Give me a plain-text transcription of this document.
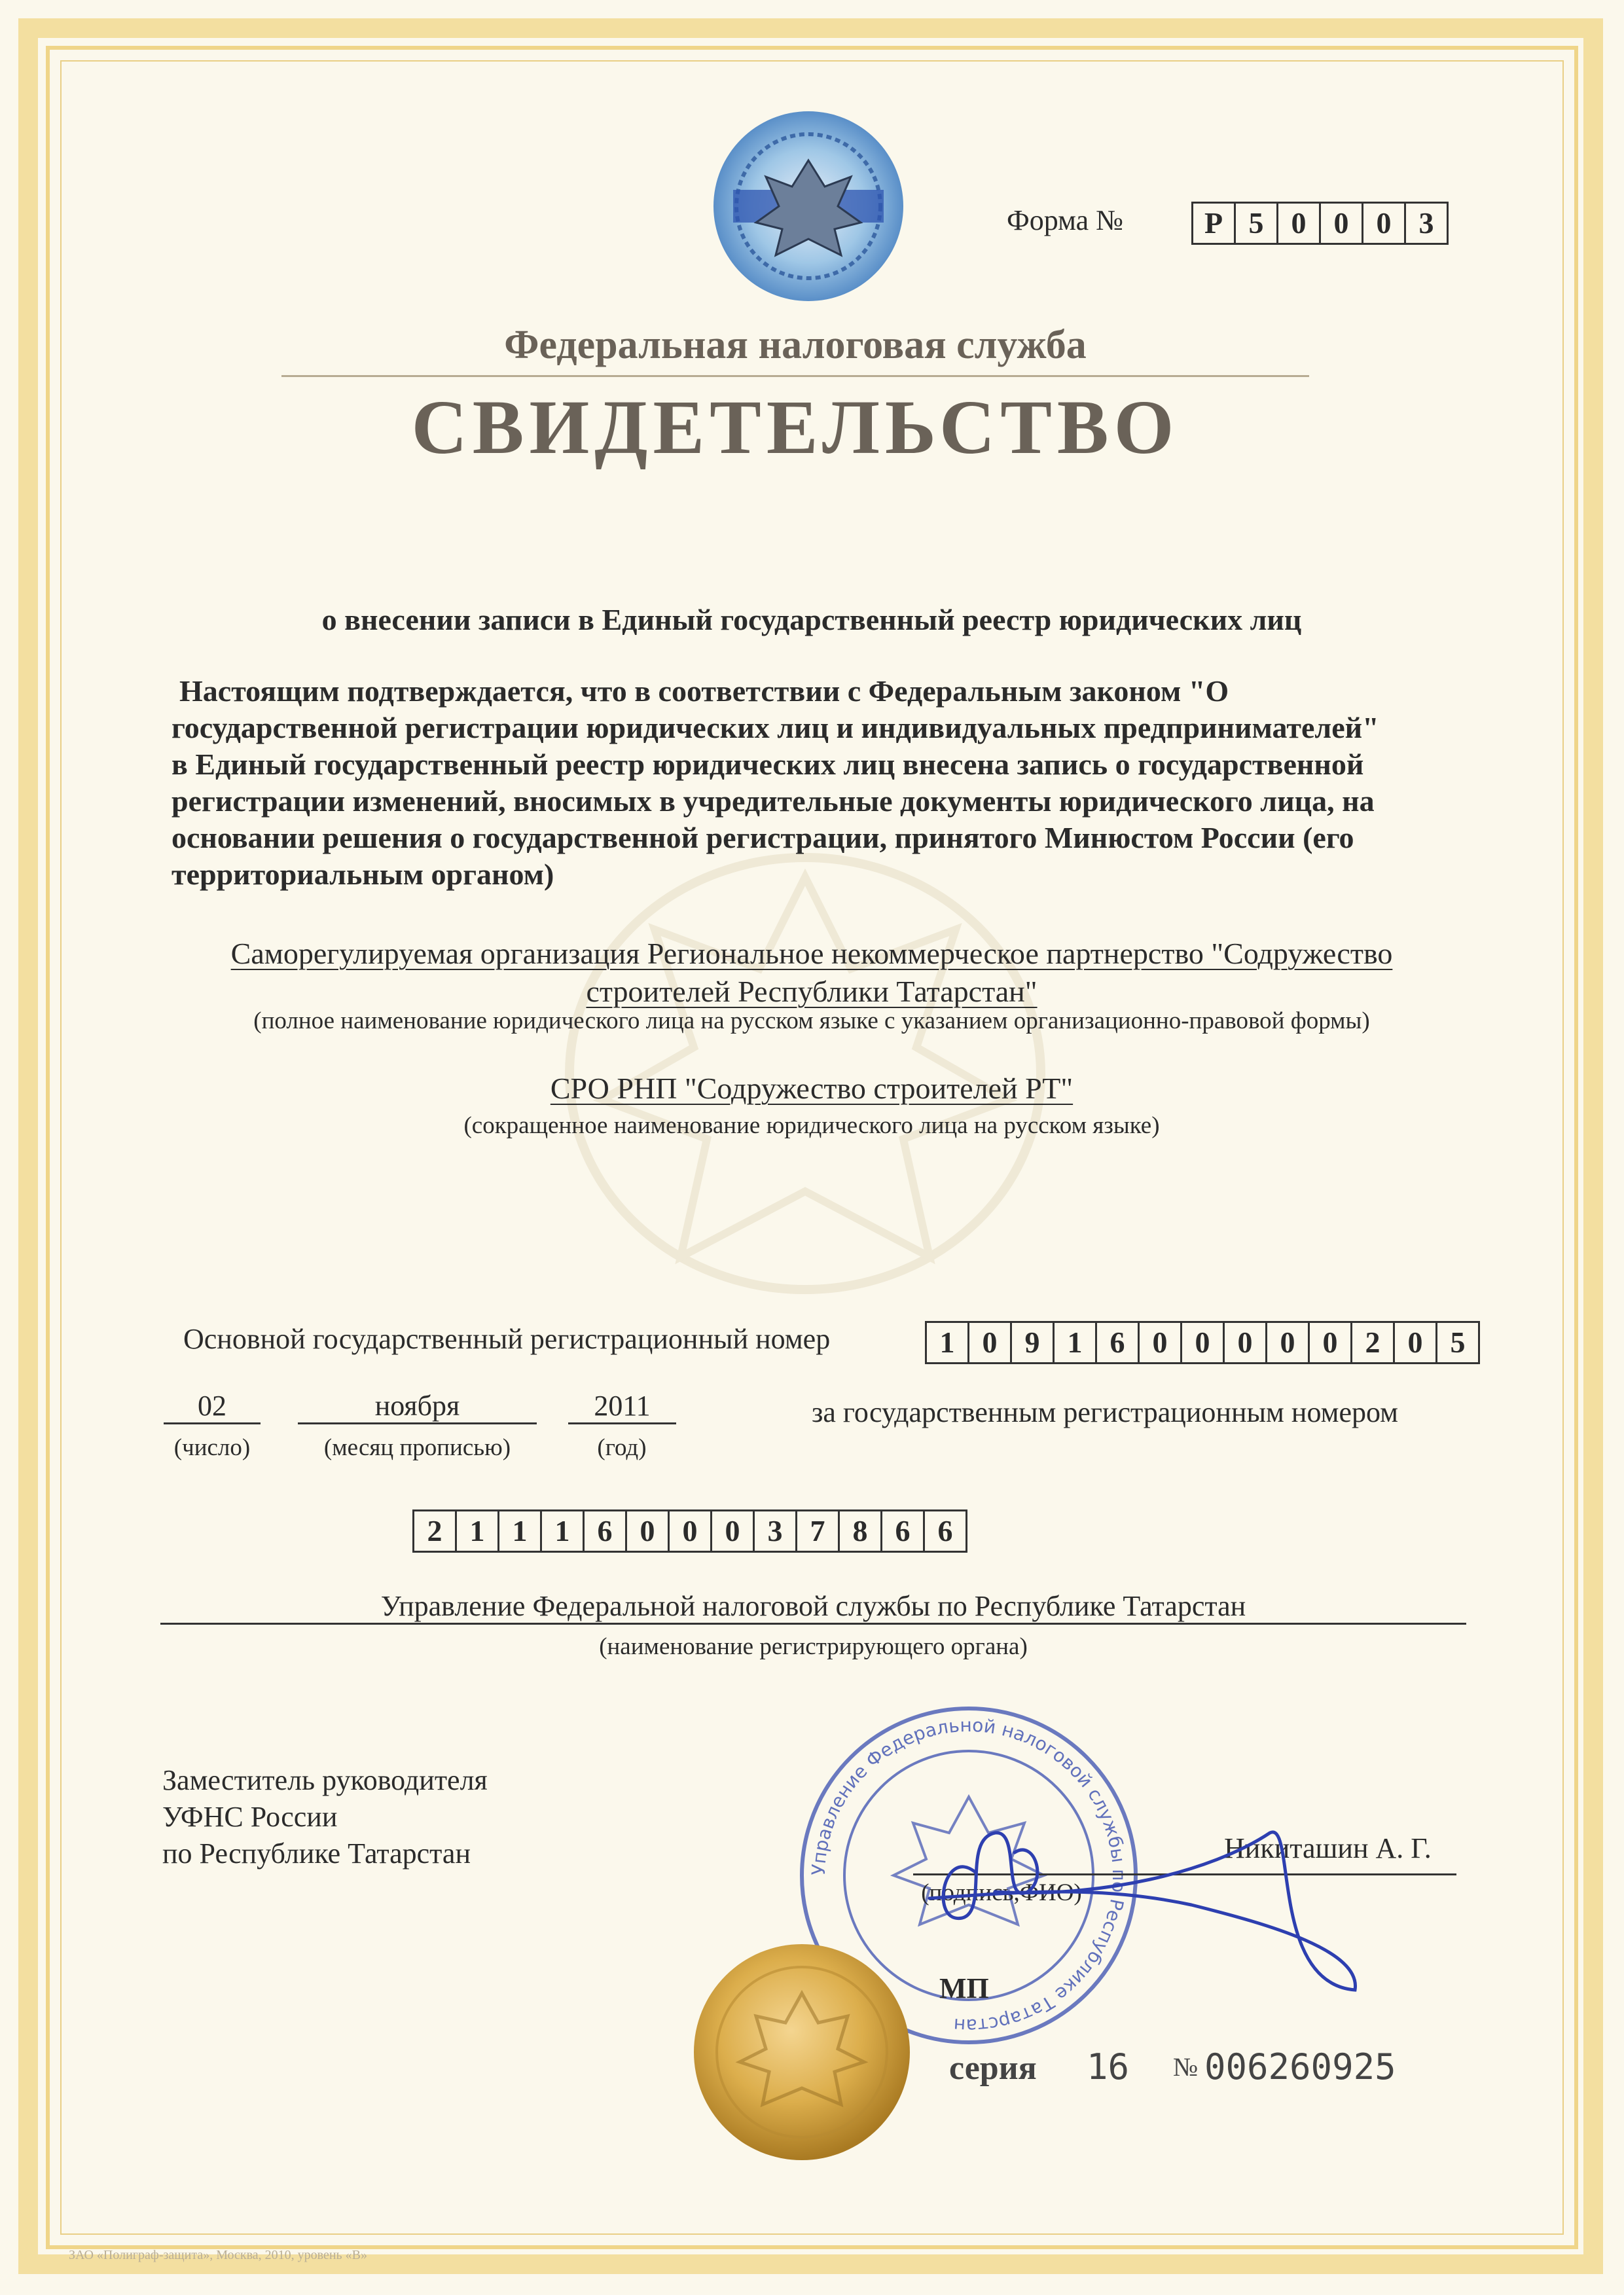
Форма №	Р 5 0 0 0 3
Федеральная налоговая служба
СВИДЕТЕЛЬСТВО
о внесении записи в Единый государственный реестр юридических лиц
Настоящим подтверждается, что в соответствии с Федеральным законом "О
государственной регистрации юридических лиц и индивидуальных предпринимателей"
в Единый государственный реестр юридических лиц внесена запись о государственной
регистрации изменений, вносимых в учредительные документы юридического лица, на
основании решения о государственной регистрации, принятого Минюстом России (его
территориальным органом)
Саморегулируемая организация Региональное некоммерческое партнерство "Содружество
строителей Республики Татарстан"
(полное наименование юридического лица на русском языке с указанием организационно-правовой формы)
СРО РНП "Содружество строителей РТ"
(сокращенное наименование юридического лица на русском языке)
Основной государственный регистрационный номер	1 0 9 1 6 0 0 0 0 0 2 0 5
02
(число)
ноября
(месяц прописью)
2011
(год)
за государственным регистрационным номером
2 1 1 1 6 0 0 0 3 7 8 6 6
Управление Федеральной налоговой службы по Республике Татарстан
(наименование регистрирующего органа)
Заместитель руководителя
УФНС России
по Республике Татарстан
Управление Федеральной налоговой службы по Республике Татарстан
(подпись,ФИО)
Никиташин А. Г.
МП
серия 16 № 006260925
ЗАО «Полиграф-защита», Москва, 2010, уровень «В»
